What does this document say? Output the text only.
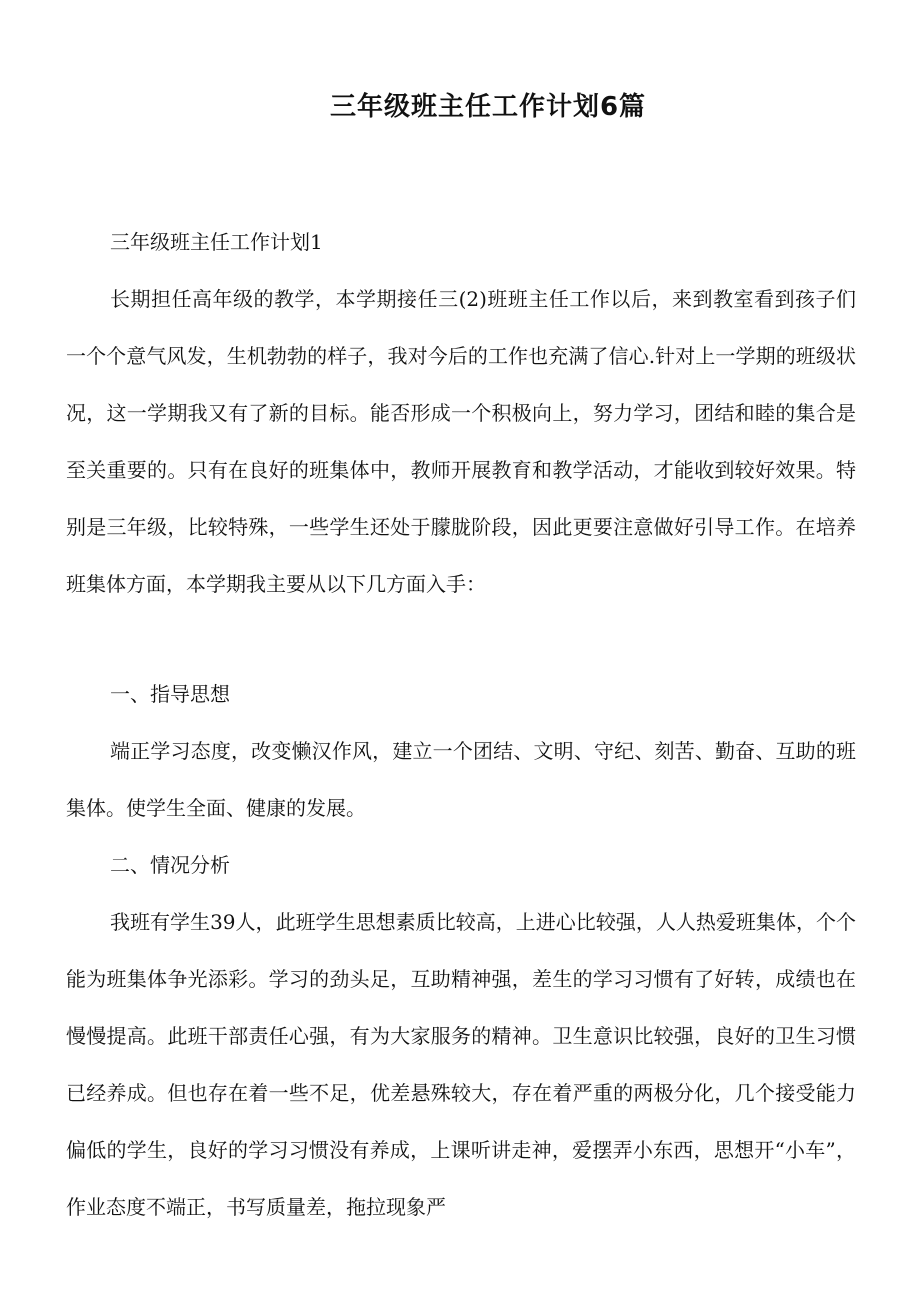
三年级班主任工作计划6篇

三年级班主任工作计划1

长期担任高年级的教学，本学期接任三(2)班班主任工作以后，来到教室看到孩子们一个个意气风发，生机勃勃的样子，我对今后的工作也充满了信心.针对上一学期的班级状况，这一学期我又有了新的目标。能否形成一个积极向上，努力学习，团结和睦的集合是至关重要的。只有在良好的班集体中，教师开展教育和教学活动，才能收到较好效果。特别是三年级，比较特殊，一些学生还处于朦胧阶段，因此更要注意做好引导工作。在培养班集体方面，本学期我主要从以下几方面入手：

一、指导思想

端正学习态度，改变懒汉作风，建立一个团结、文明、守纪、刻苦、勤奋、互助的班集体。使学生全面、健康的发展。

二、情况分析

我班有学生39人，此班学生思想素质比较高，上进心比较强，人人热爱班集体，个个能为班集体争光添彩。学习的劲头足，互助精神强，差生的学习习惯有了好转，成绩也在慢慢提高。此班干部责任心强，有为大家服务的精神。卫生意识比较强，良好的卫生习惯已经养成。但也存在着一些不足，优差悬殊较大，存在着严重的两极分化，几个接受能力偏低的学生，良好的学习习惯没有养成，上课听讲走神，爱摆弄小东西，思想开“小车”，作业态度不端正，书写质量差，拖拉现象严
